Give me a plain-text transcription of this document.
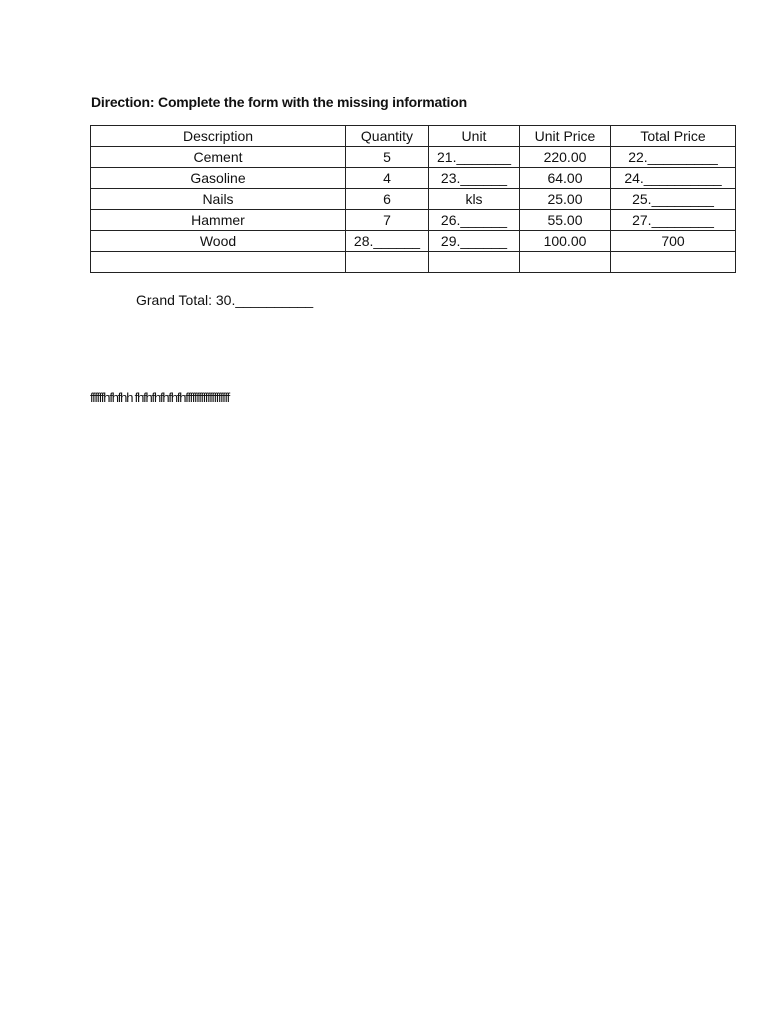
Direction: Complete the form with the missing information
Description	Quantity	Unit	Unit Price	Total Price
Cement	5	21._______	220.00	22._________
Gasoline	4	23.______	64.00	24.__________
Nails	6	kls	25.00	25.________
Hammer	7	26.______	55.00	27.________
Wood	28.______	29.______	100.00	700

Grand Total: 30.__________
ffffffhfhfhh fhfhfhfhfhfhffffffffffffffffffff
